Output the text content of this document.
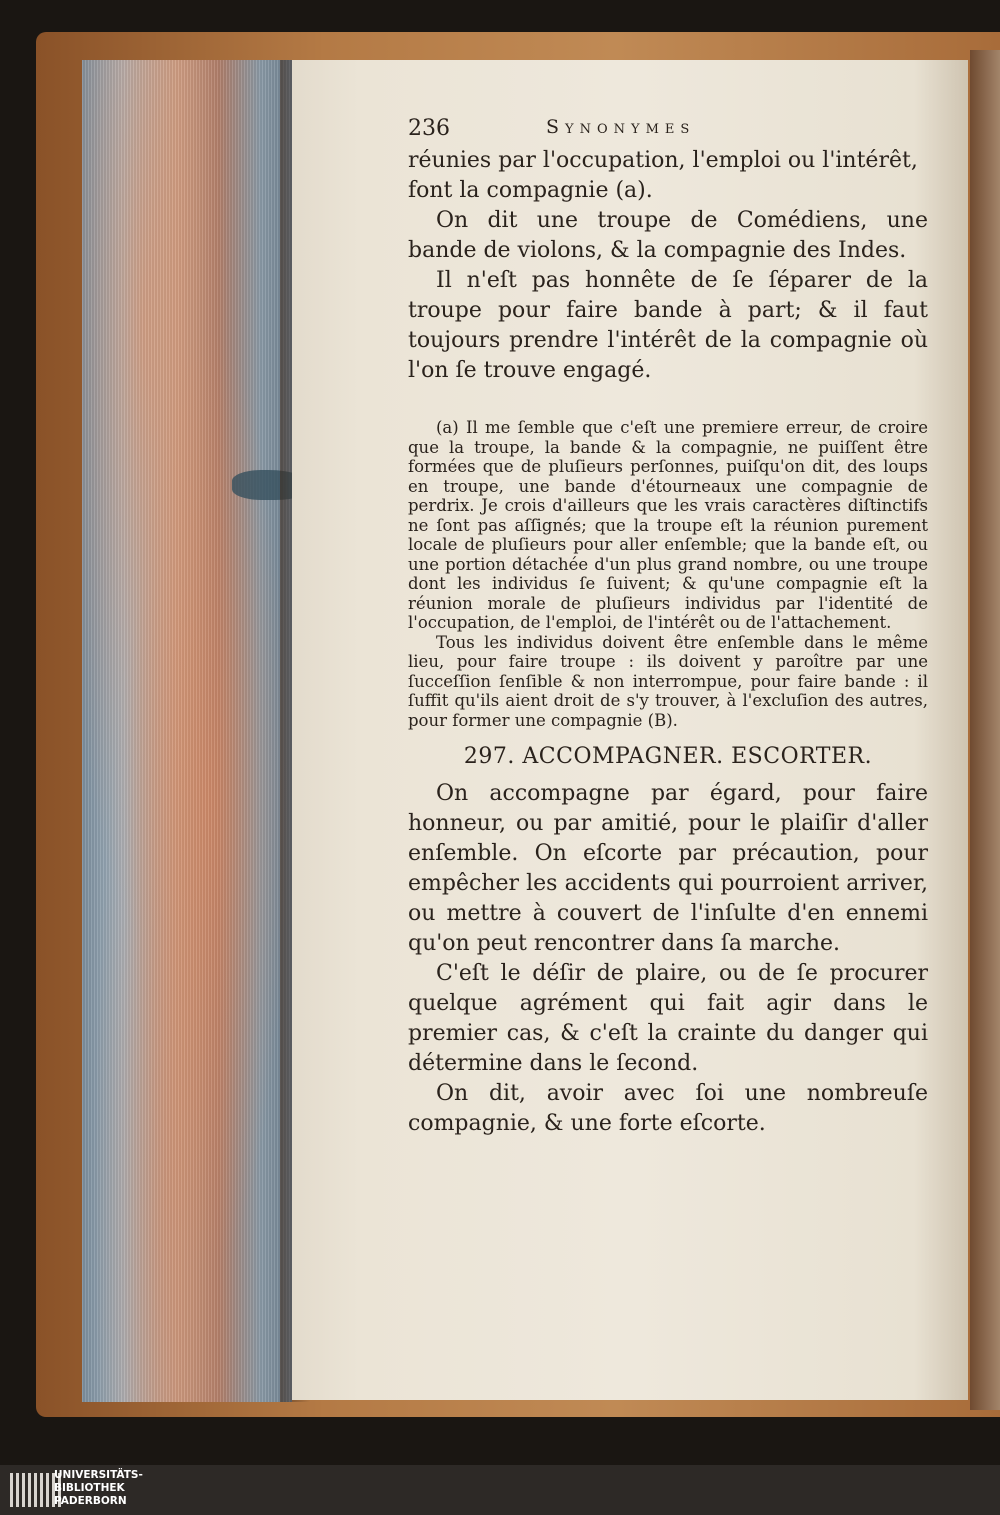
236	Synonymes

réunies par l'occupation, l'emploi ou l'intérêt,

font la compagnie (a).

On dit une troupe de Comédiens, une bande de violons, & la compagnie des Indes.

Il n'eſt pas honnête de ſe ſéparer de la troupe pour faire bande à part; & il faut toujours prendre l'intérêt de la compagnie où l'on ſe trouve engagé.

(a) Il me ſemble que c'eſt une premiere erreur, de croire que la troupe, la bande & la compagnie, ne puiſſent être formées que de pluſieurs perſonnes, puiſqu'on dit, des loups en troupe, une bande d'étourneaux une compagnie de perdrix. Je crois d'ailleurs que les vrais caractères diſtinctifs ne ſont pas aſſignés; que la troupe eſt la réunion purement locale de pluſieurs pour aller enſemble; que la bande eſt, ou une portion détachée d'un plus grand nombre, ou une troupe dont les individus ſe ſuivent; & qu'une compagnie eſt la réunion morale de pluſieurs individus par l'identité de l'occupation, de l'emploi, de l'intérêt ou de l'attachement.

Tous les individus doivent être enſemble dans le même lieu, pour faire troupe : ils doivent y paroître par une ſucceſſion ſenſible & non interrompue, pour faire bande : il ſuffit qu'ils aient droit de s'y trouver, à l'excluſion des autres, pour former une compagnie (B).

297. ACCOMPAGNER. ESCORTER.

On accompagne par égard, pour faire honneur, ou par amitié, pour le plaiſir d'aller enſemble. On eſcorte par précaution, pour empêcher les accidents qui pourroient arriver, ou mettre à couvert de l'inſulte d'en ennemi qu'on peut rencontrer dans ſa marche.

C'eſt le déſir de plaire, ou de ſe procurer quelque agrément qui fait agir dans le premier cas, & c'eſt la crainte du danger qui détermine dans le ſecond.

On dit, avoir avec ſoi une nombreuſe compagnie, & une forte eſcorte.

UNIVERSITÄTS-
BIBLIOTHEK
PADERBORN
